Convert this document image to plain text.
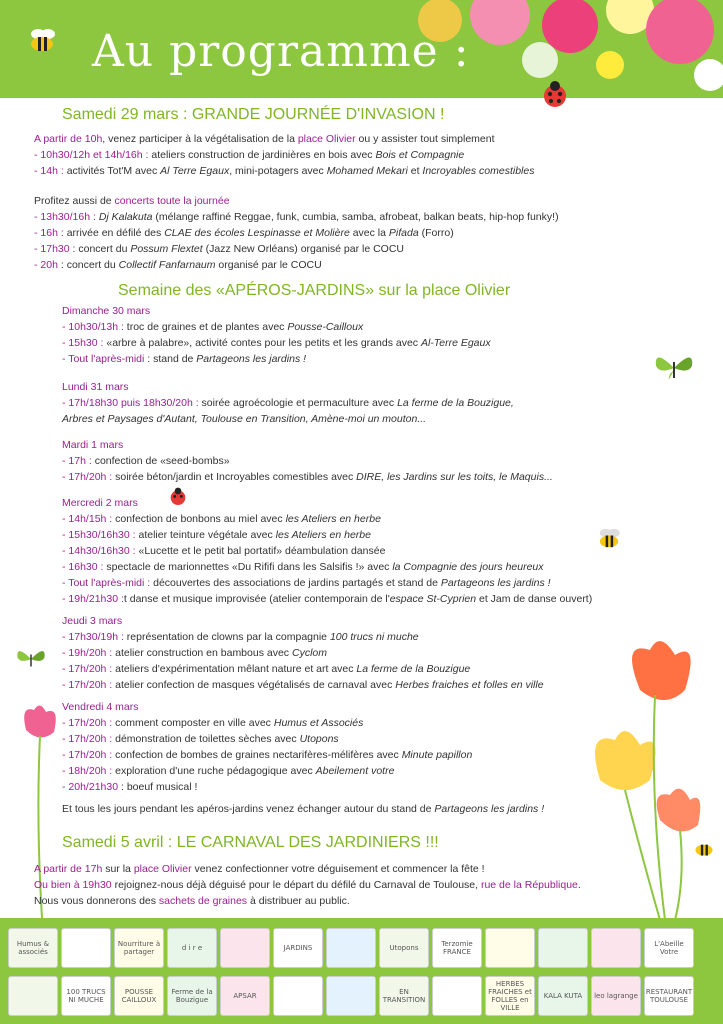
Au programme :
Samedi 29 mars : GRANDE JOURNÉE D'INVASION !
A partir de 10h, venez participer à la végétalisation de la place Olivier ou y assister tout simplement
- 10h30/12h et 14h/16h : ateliers construction de jardinières en bois avec Bois et Compagnie
- 14h : activités Tot'M avec Al Terre Egaux, mini-potagers avec Mohamed Mekari et Incroyables comestibles
Profitez aussi de concerts toute la journée
- 13h30/16h : Dj Kalakuta (mélange raffiné Reggae, funk, cumbia, samba, afrobeat, balkan beats, hip-hop funky!)
- 16h : arrivée en défilé des CLAE des écoles Lespinasse et Molière avec la Pifada (Forro)
- 17h30 : concert du Possum Flextet (Jazz New Orléans) organisé par le COCU
- 20h : concert du Collectif Fanfarnaum organisé par le COCU
Semaine des «APÉROS-JARDINS» sur la place Olivier
Dimanche 30 mars
- 10h30/13h : troc de graines et de plantes avec Pousse-Cailloux
- 15h30 : «arbre à palabre», activité contes pour les petits et les grands avec Al-Terre Egaux
- Tout l'après-midi : stand de Partageons les jardins !
Lundi 31 mars
- 17h/18h30 puis 18h30/20h : soirée agroécologie et permaculture avec La ferme de la Bouzigue,
Arbres et Paysages d'Autant, Toulouse en Transition, Amène-moi un mouton...
Mardi 1 mars
- 17h : confection de «seed-bombs»
- 17h/20h : soirée béton/jardin et Incroyables comestibles avec DIRE, les Jardins sur les toits, le Maquis...
Mercredi 2 mars
- 14h/15h : confection de bonbons au miel avec les Ateliers en herbe
- 15h30/16h30 : atelier teinture végétale avec les Ateliers en herbe
- 14h30/16h30 : «Lucette et le petit bal portatif» déambulation dansée
- 16h30 : spectacle de marionnettes «Du Rififi dans les Salsifis !» avec la Compagnie des jours heureux
- Tout l'après-midi : découvertes des associations de jardins partagés et stand de Partageons les jardins !
- 19h/21h30 :t danse et musique improvisée (atelier contemporain de l'espace St-Cyprien et Jam de danse ouvert)
Jeudi 3 mars
- 17h30/19h : représentation de clowns par la compagnie 100 trucs ni muche
- 19h/20h : atelier construction en bambous avec Cyclom
- 17h/20h : ateliers d'expérimentation mêlant nature et art avec La ferme de la Bouzigue
- 17h/20h : atelier confection de masques végétalisés de carnaval avec Herbes fraiches et folles en ville
Vendredi 4 mars
- 17h/20h : comment composter en ville avec Humus et Associés
- 17h/20h : démonstration de toilettes sèches avec Utopons
- 17h/20h : confection de bombes de graines nectarifères-mélifères avec Minute papillon
- 18h/20h : exploration d'une ruche pédagogique avec Abeilement votre
- 20h/21h30 : boeuf musical !
Et tous les jours pendant les apéros-jardins venez échanger autour du stand de Partageons les jardins !
Samedi 5 avril : LE CARNAVAL DES JARDINIERS !!!
A partir de 17h sur la place Olivier venez confectionner votre déguisement et commencer la fête !
Ou bien à 19h30 rejoignez-nous déjà déguisé pour le départ du défilé du Carnaval de Toulouse, rue de la République.
Nous vous donnerons des sachets de graines à distribuer au public.
Humus & associés
Nourriture à partager	d i r e	JARDINS	Utopons	Terzomie FRANCE
L'Abeille Votre
100 TRUCS NI MUCHE
POUSSE CAILLOUX
Ferme de la Bouzigue	APSAR	EN TRANSITION
HERBES FRAICHES et FOLLES en VILLE
KALA KUTA	leo lagrange	RESTAURANT TOULOUSE
